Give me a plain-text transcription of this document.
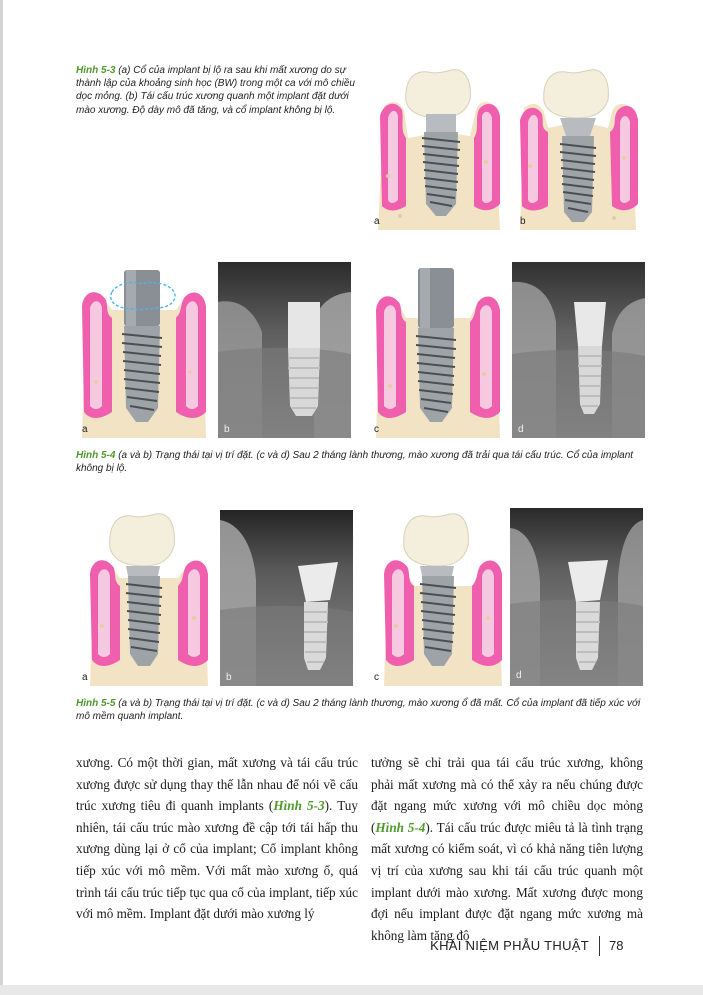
Hình 5-3 (a) Cổ của implant bị lộ ra sau khi mất xương do sự thành lập của khoảng sinh học (BW) trong một ca với mô chiều dọc mỏng. (b) Tái cấu trúc xương quanh một implant đặt dưới mào xương. Độ dày mô đã tăng, và cổ implant không bị lộ.

a	b
a	b	c	d

Hình 5-4 (a và b) Trạng thái tại vị trí đặt. (c và d) Sau 2 tháng lành thương, mào xương đã trải qua tái cấu trúc. Cổ của implant không bị lộ.

a	b	c	d

Hình 5-5 (a và b) Trạng thái tại vị trí đặt. (c và d) Sau 2 tháng lành thương, mào xương ổ đã mất. Cổ của implant đã tiếp xúc với mô mềm quanh implant.

xương. Có một thời gian, mất xương và tái cấu trúc xương được sử dụng thay thế lẫn nhau để nói về cấu trúc xương tiêu đi quanh implants (Hình 5-3). Tuy nhiên, tái cấu trúc mào xương đề cập tới tái hấp thu xương dùng lại ở cổ của implant; Cổ implant không tiếp xúc với mô mềm. Với mất mào xương ổ, quá trình tái cấu trúc tiếp tục qua cổ của implant, tiếp xúc với mô mềm. Implant đặt dưới mào xương lý

tưởng sẽ chỉ trải qua tái cấu trúc xương, không phải mất xương mà có thể xảy ra nếu chúng được đặt ngang mức xương với mô chiều dọc mỏng (Hình 5-4). Tái cấu trúc được miêu tả là tình trạng mất xương có kiểm soát, vì có khả năng tiên lượng vị trí của xương sau khi tái cấu trúc quanh một implant dưới mào xương. Mất xương được mong đợi nếu implant được đặt ngang mức xương mà không làm tăng độ

KHÁI NIỆM PHẪU THUẬT 78
